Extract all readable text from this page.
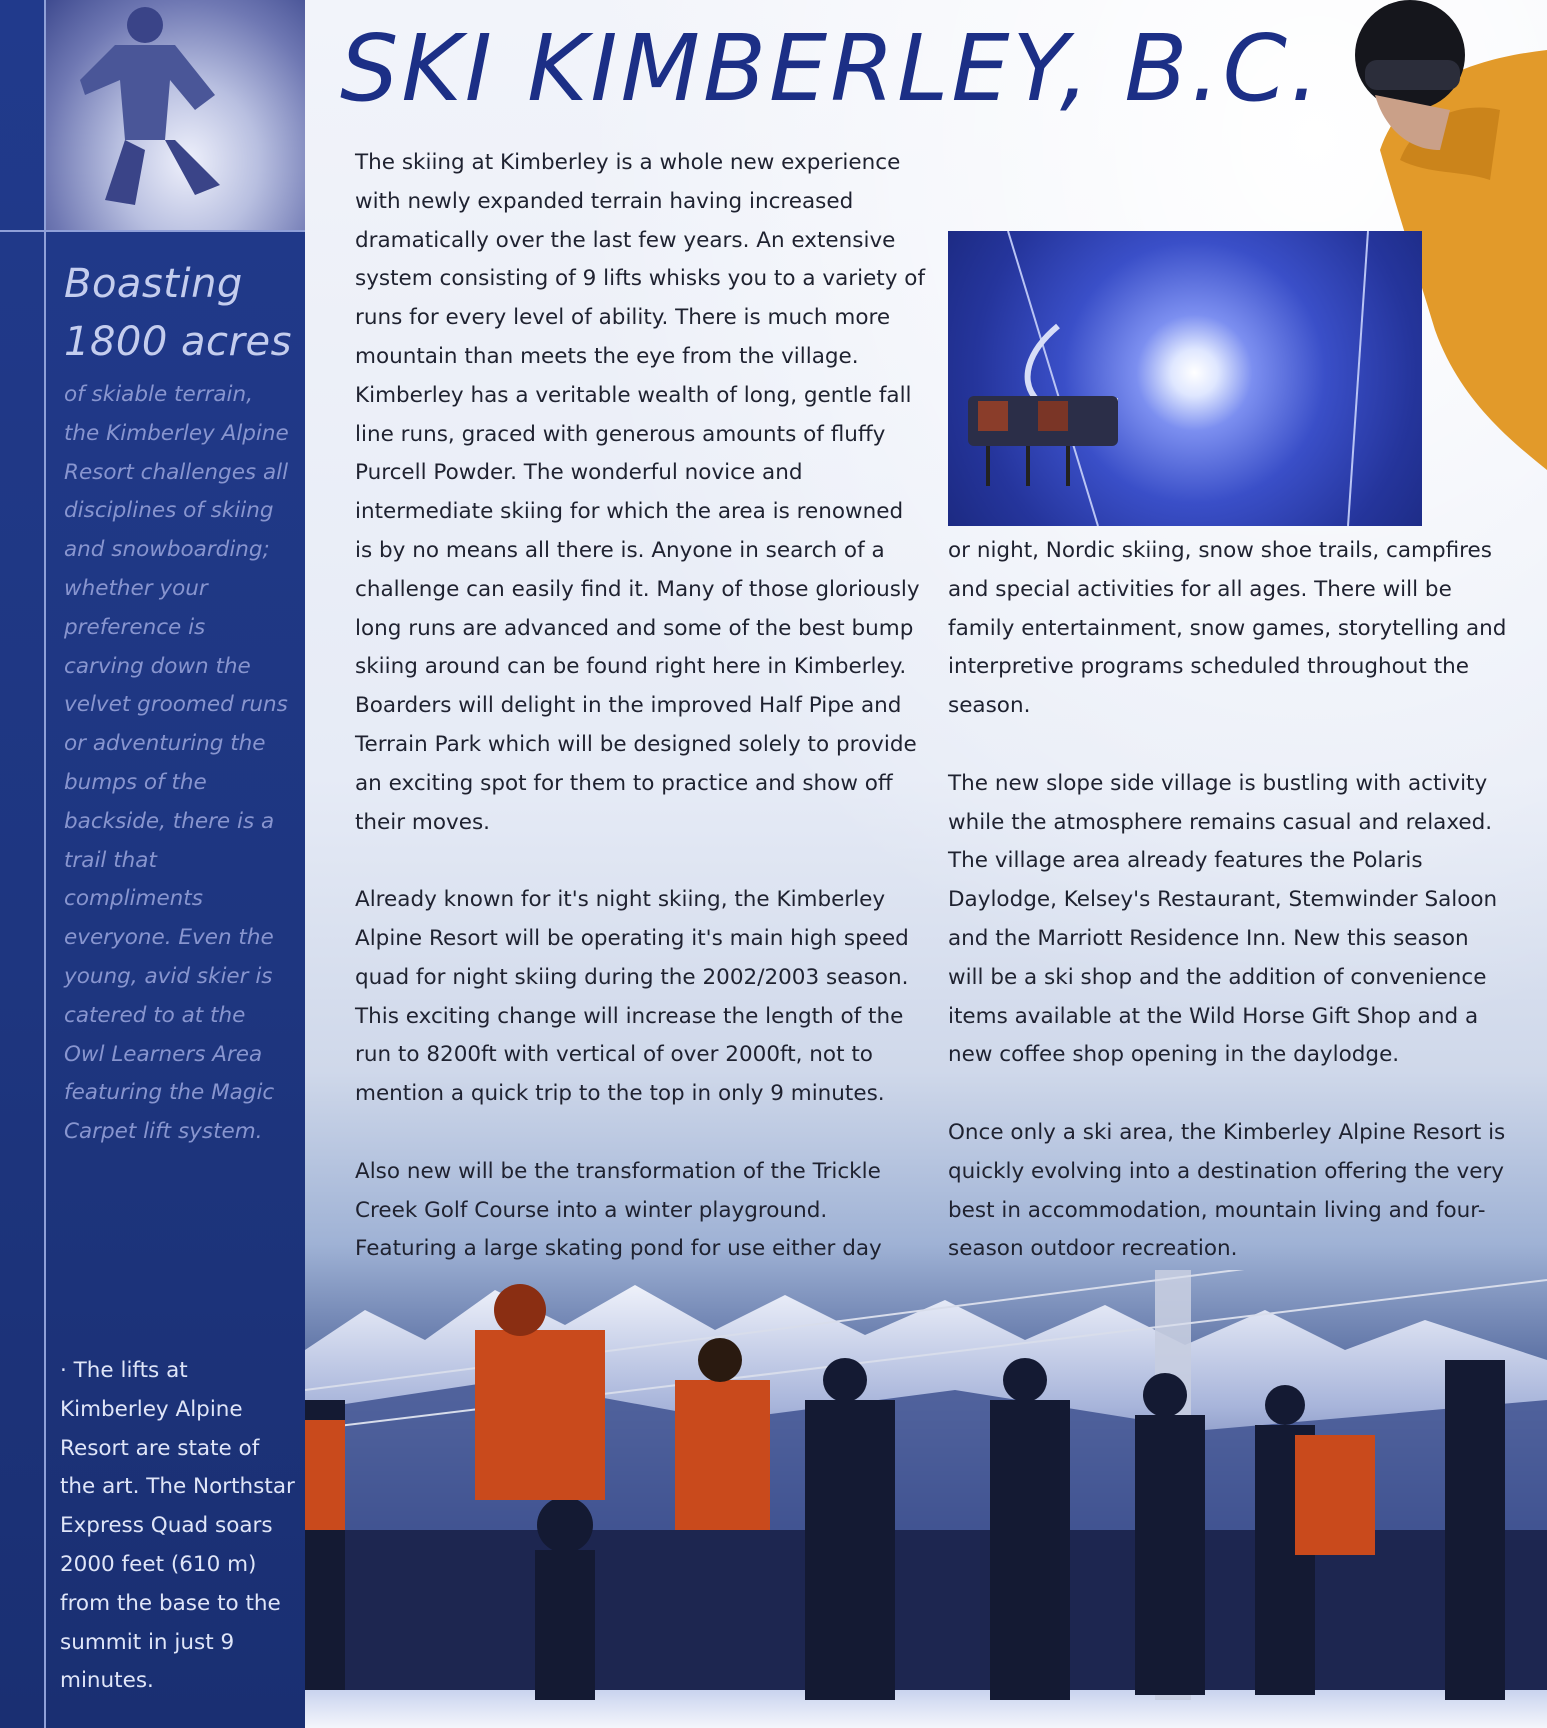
Boasting
1800 acres
of skiable terrain, the Kimberley Alpine Resort challenges all disciplines of skiing and snowboarding; whether your preference is carving down the velvet groomed runs or adventuring the bumps of the backside, there is a trail that compliments everyone. Even the young, avid skier is catered to at the Owl Learners Area featuring the Magic Carpet lift system.
· The lifts at Kimberley Alpine Resort are state of the art. The Northstar Express Quad soars 2000 feet (610 m) from the base to the summit in just 9 minutes.
SKI KIMBERLEY, B.C.

The skiing at Kimberley is a whole new experience with newly expanded terrain having increased dramatically over the last few years. An extensive system consisting of 9 lifts whisks you to a variety of runs for every level of ability. There is much more mountain than meets the eye from the village. Kimberley has a veritable wealth of long, gentle fall line runs, graced with generous amounts of fluffy Purcell Powder. The wonderful novice and intermediate skiing for which the area is renowned is by no means all there is. Anyone in search of a challenge can easily find it. Many of those gloriously long runs are advanced and some of the best bump skiing around can be found right here in Kimberley. Boarders will delight in the improved Half Pipe and Terrain Park which will be designed solely to provide an exciting spot for them to practice and show off their moves.

Already known for it's night skiing, the Kimberley Alpine Resort will be operating it's main high speed quad for night skiing during the 2002/2003 season. This exciting change will increase the length of the run to 8200ft with vertical of over 2000ft, not to mention a quick trip to the top in only 9 minutes.

Also new will be the transformation of the Trickle Creek Golf Course into a winter playground. Featuring a large skating pond for use either day

or night, Nordic skiing, snow shoe trails, campfires and special activities for all ages. There will be family entertainment, snow games, storytelling and interpretive programs scheduled throughout the season.

The new slope side village is bustling with activity while the atmosphere remains casual and relaxed. The village area already features the Polaris Daylodge, Kelsey's Restaurant, Stemwinder Saloon and the Marriott Residence Inn. New this season will be a ski shop and the addition of convenience items available at the Wild Horse Gift Shop and a new coffee shop opening in the daylodge.

Once only a ski area, the Kimberley Alpine Resort is quickly evolving into a destination offering the very best in accommodation, mountain living and four-season outdoor recreation.
